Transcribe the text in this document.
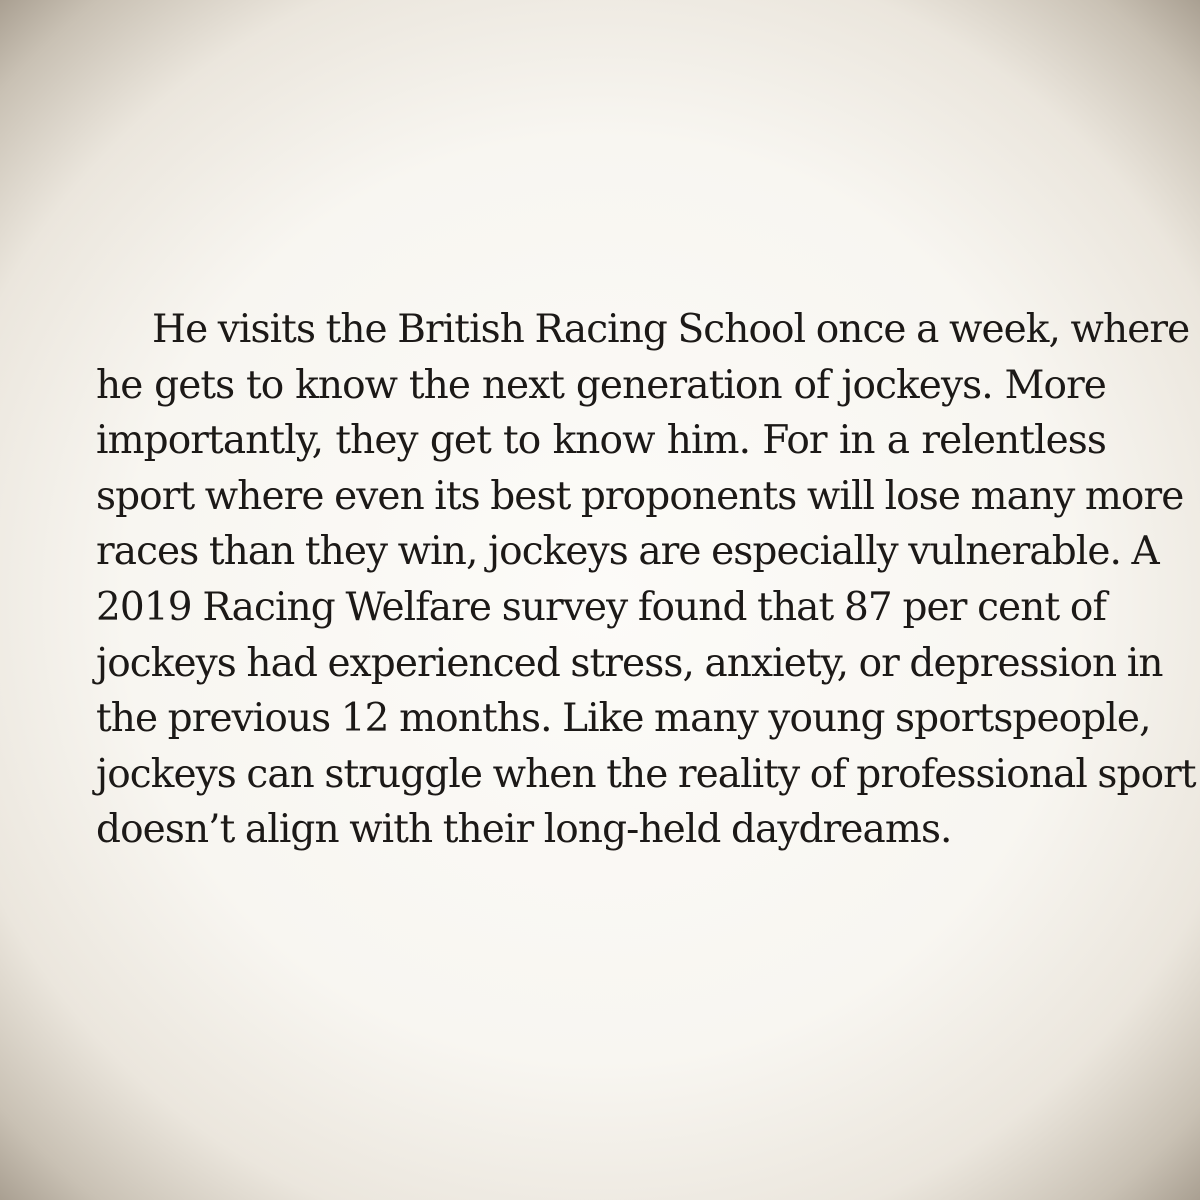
He visits the British Racing School once a week, where
he gets to know the next generation of jockeys. More
importantly, they get to know him. For in a relentless
sport where even its best proponents will lose many more
races than they win, jockeys are especially vulnerable. A
2019 Racing Welfare survey found that 87 per cent of
jockeys had experienced stress, anxiety, or depression in
the previous 12 months. Like many young sportspeople,
jockeys can struggle when the reality of professional sport
doesn’t align with their long-held daydreams.
